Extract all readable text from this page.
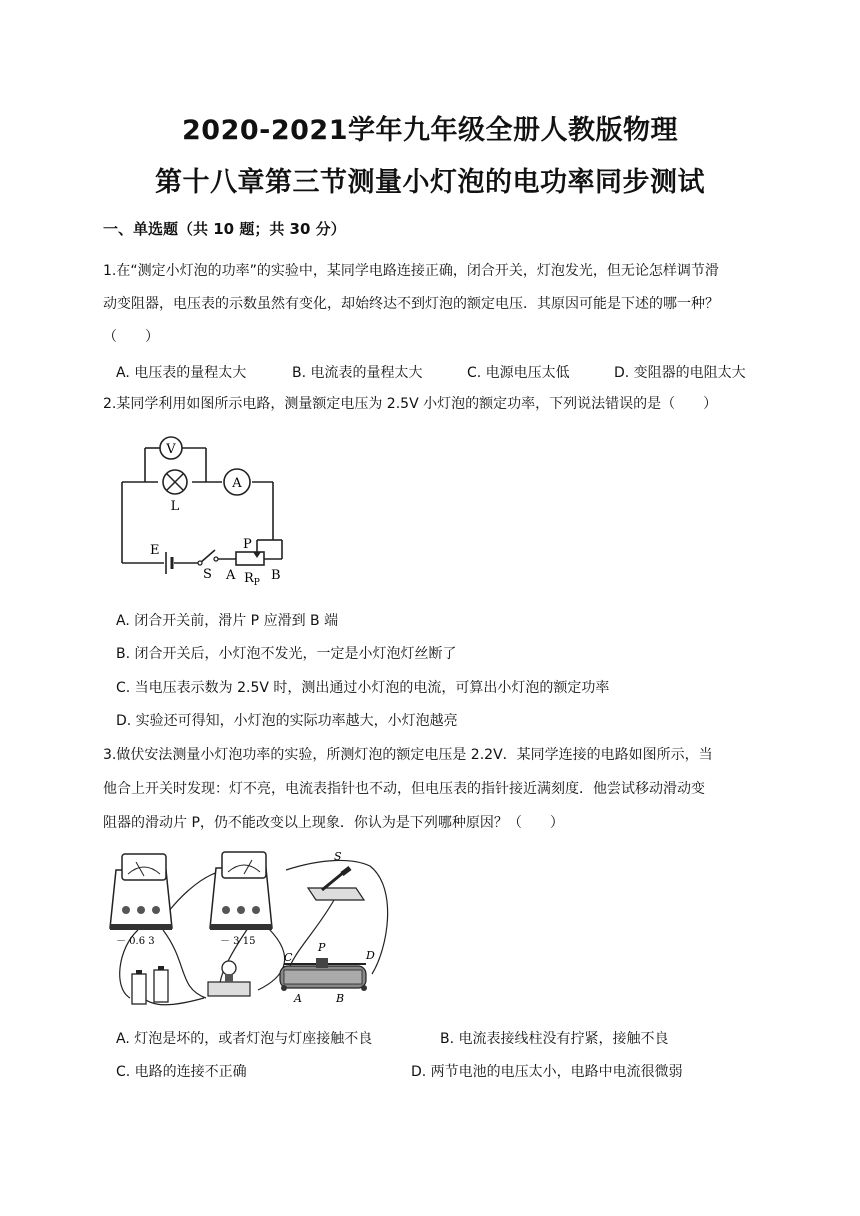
2020-2021学年九年级全册人教版物理
第十八章第三节测量小灯泡的电功率同步测试
一、单选题（共 10 题；共 30 分）
1.在“测定小灯泡的功率”的实验中，某同学电路连接正确，闭合开关，灯泡发光，但无论怎样调节滑
动变阻器，电压表的示数虽然有变化，却始终达不到灯泡的额定电压．其原因可能是下述的哪一种？
（　　）
A. 电压表的量程太大	B. 电流表的量程太大	C. 电源电压太低	D. 变阻器的电阻太大
2.某同学利用如图所示电路，测量额定电压为 2.5V 小灯泡的额定功率，下列说法错误的是（　　）
V
L
A
E
S
P
A $R_P$ B
A. 闭合开关前，滑片 P 应滑到 B 端
B. 闭合开关后，小灯泡不发光，一定是小灯泡灯丝断了
C. 当电压表示数为 2.5V 时，测出通过小灯泡的电流，可算出小灯泡的额定功率
D. 实验还可得知，小灯泡的实际功率越大，小灯泡越亮
3.做伏安法测量小灯泡功率的实验，所测灯泡的额定电压是 2.2V．某同学连接的电路如图所示，当
他合上开关时发现：灯不亮，电流表指针也不动，但电压表的指针接近满刻度．他尝试移动滑动变
阻器的滑动片 P，仍不能改变以上现象．你认为是下列哪种原因？（　　）
－ 0.6 3	－ 3 15
S
C
P
D
A	B
A. 灯泡是坏的，或者灯泡与灯座接触不良	B. 电流表接线柱没有拧紧，接触不良
C. 电路的连接不正确	D. 两节电池的电压太小，电路中电流很微弱
